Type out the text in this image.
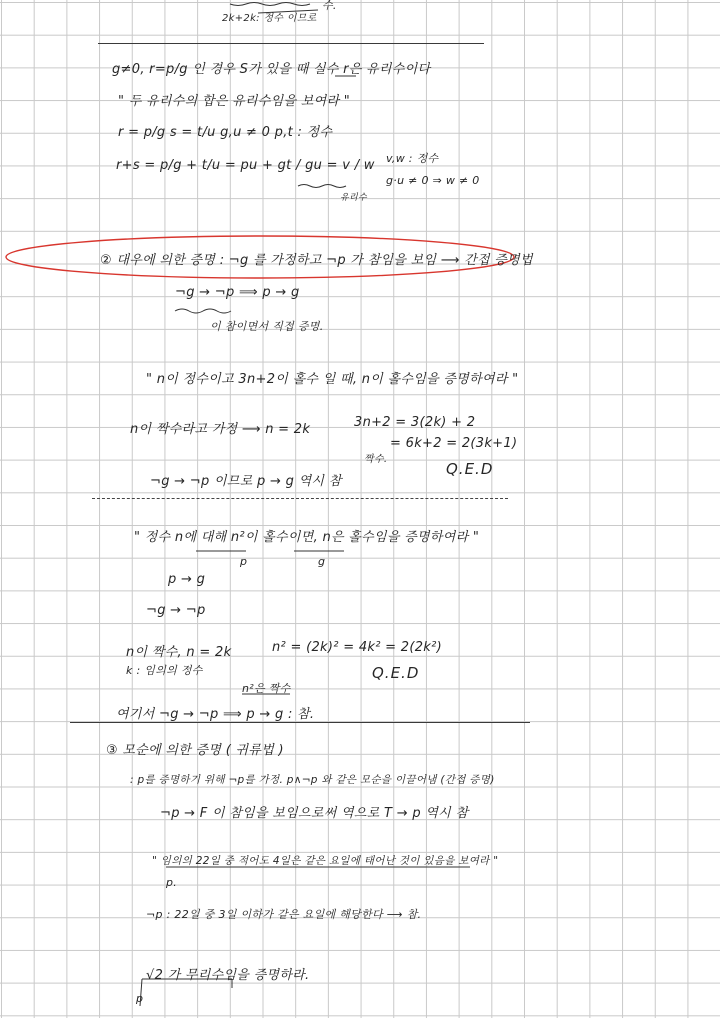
수.
2k+2k: 정수 이므로
g≠0, r=p/g 인 경우 S가 있을 때 실수 r은 유리수이다
" 두 유리수의 합은 유리수임을 보여라 "
r = p/g s = t/u g,u ≠ 0 p,t : 정수
r+s = p/g + t/u = pu + gt / gu = v / w v,w : 정수
g·u ≠ 0 ⇒ w ≠ 0
유리수
② 대우에 의한 증명 : ¬g 를 가정하고 ¬p 가 참임을 보임 ⟶ 간접 증명법
¬g → ¬p ⟹ p → g
이 참이면서 직접 증명.
" n이 정수이고 3n+2이 홀수 일 때, n이 홀수임을 증명하여라 "
n이 짝수라고 가정 ⟶ n = 2k	3n+2 = 3(2k) + 2
= 6k+2 = 2(3k+1)
짝수.
¬g → ¬p 이므로 p → g 역시 참
Q.E.D
" 정수 n에 대해 n²이 홀수이면, n은 홀수임을 증명하여라 "
p	g
p → g
¬g → ¬p
n이 짝수, n = 2k	n² = (2k)² = 4k² = 2(2k²)
k : 임의의 정수
n²은 짝수
Q.E.D
여기서 ¬g → ¬p ⟹ p → g : 참.
③ 모순에 의한 증명 ( 귀류법 )
: p를 증명하기 위해 ¬p를 가정. p∧¬p 와 같은 모순을 이끌어냄 (간접 증명)
¬p → F 이 참임을 보임으로써 역으로 T → p 역시 참
" 임의의 22일 중 적어도 4일은 같은 요일에 태어난 것이 있음을 보여라 "
p.
¬p : 22일 중 3일 이하가 같은 요일에 해당한다 ⟶ 참.
√2 가 무리수임을 증명하라.
p
